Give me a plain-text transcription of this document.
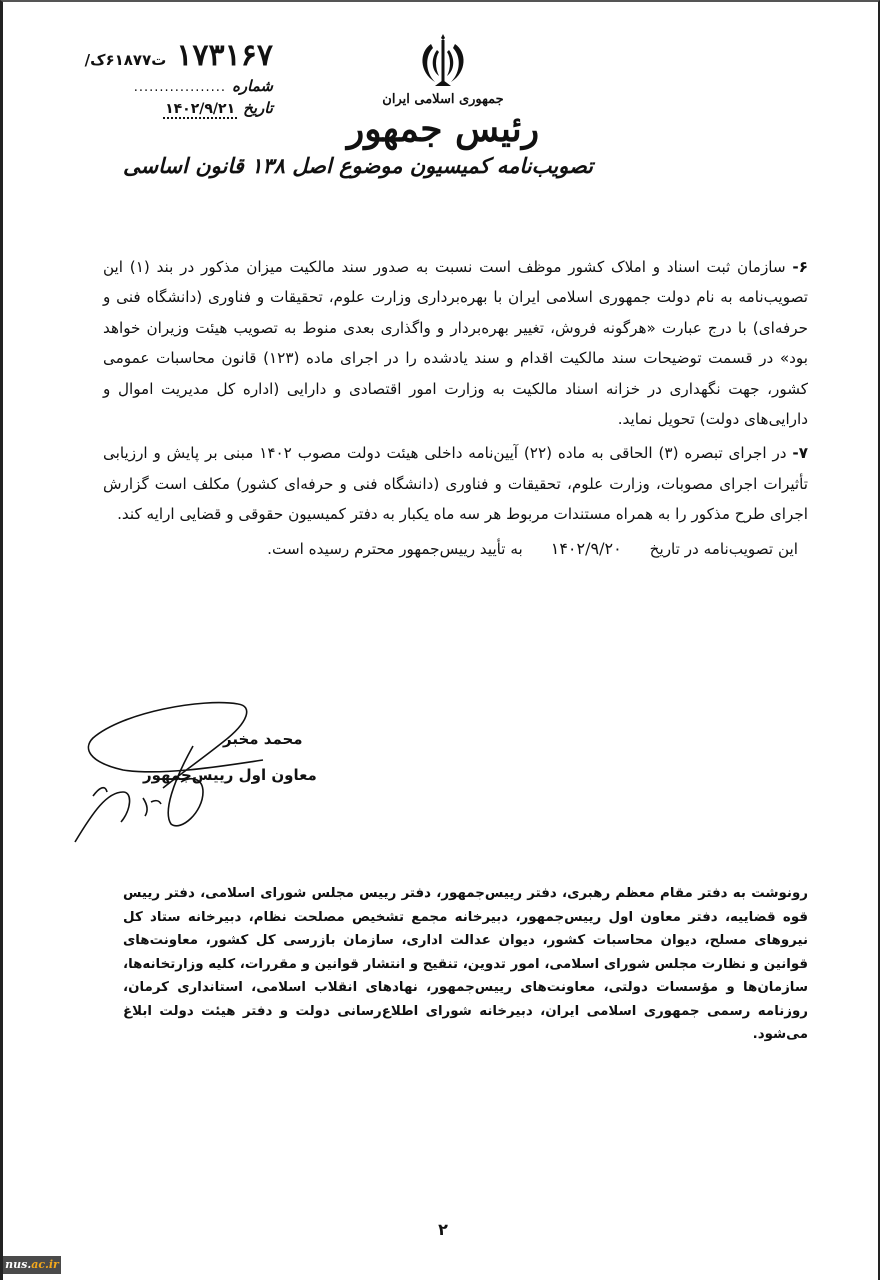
۱۷۳۱۶۷
ت۶۱۸۷۷ک/
شماره
..................
تاریخ
۱۴۰۲/۹/۲۱
جمهوری اسلامی ایران
رئیس جمهور
تصویب‌نامه کمیسیون موضوع اصل ۱۳۸ قانون اساسی

۶- سازمان ثبت اسناد و املاک کشور موظف است نسبت به صدور سند مالکیت میزان مذکور در بند (۱) این تصویب‌نامه به نام دولت جمهوری اسلامی ایران با بهره‌برداری وزارت علوم، تحقیقات و فناوری (دانشگاه فنی و حرفه‌ای) با درج عبارت «هرگونه فروش، تغییر بهره‌بردار و واگذاری بعدی منوط به تصویب هیئت وزیران خواهد بود» در قسمت توضیحات سند مالکیت اقدام و سند یادشده را در اجرای ماده (۱۲۳) قانون محاسبات عمومی کشور، جهت نگهداری در خزانه اسناد مالکیت به وزارت امور اقتصادی و دارایی (اداره کل مدیریت اموال و دارایی‌های دولت) تحویل نماید.

۷- در اجرای تبصره (۳) الحاقی به ماده (۲۲) آیین‌نامه داخلی هیئت دولت مصوب ۱۴۰۲ مبنی بر پایش و ارزیابی تأثیرات اجرای مصوبات، وزارت علوم، تحقیقات و فناوری (دانشگاه فنی و حرفه‌ای کشور) مکلف است گزارش اجرای طرح مذکور را به همراه مستندات مربوط هر سه ماه یکبار به دفتر کمیسیون حقوقی و قضایی ارایه کند.

این تصویب‌نامه در تاریخ
۱۴۰۲/۹/۲۰
به تأیید رییس‌جمهور محترم رسیده است.

محمد مخبر
معاون اول رییس‌جمهور
رونوشت به دفتر مقام معظم رهبری، دفتر رییس‌جمهور، دفتر رییس مجلس شورای اسلامی، دفتر رییس قوه قضاییه، دفتر معاون اول رییس‌جمهور، دبیرخانه مجمع تشخیص مصلحت نظام، دبیرخانه ستاد کل نیروهای مسلح، دیوان محاسبات کشور، دیوان عدالت اداری، سازمان بازرسی کل کشور، معاونت‌های قوانین و نظارت مجلس شورای اسلامی، امور تدوین، تنقیح و انتشار قوانین و مقررات، کلیه وزارتخانه‌ها، سازمان‌ها و مؤسسات دولتی، معاونت‌های رییس‌جمهور، نهادهای انقلاب اسلامی، استانداری کرمان، روزنامه رسمی جمهوری اسلامی ایران، دبیرخانه شورای اطلاع‌رسانی دولت و دفتر هیئت دولت ابلاغ می‌شود.
۲
nus.ac.ir
